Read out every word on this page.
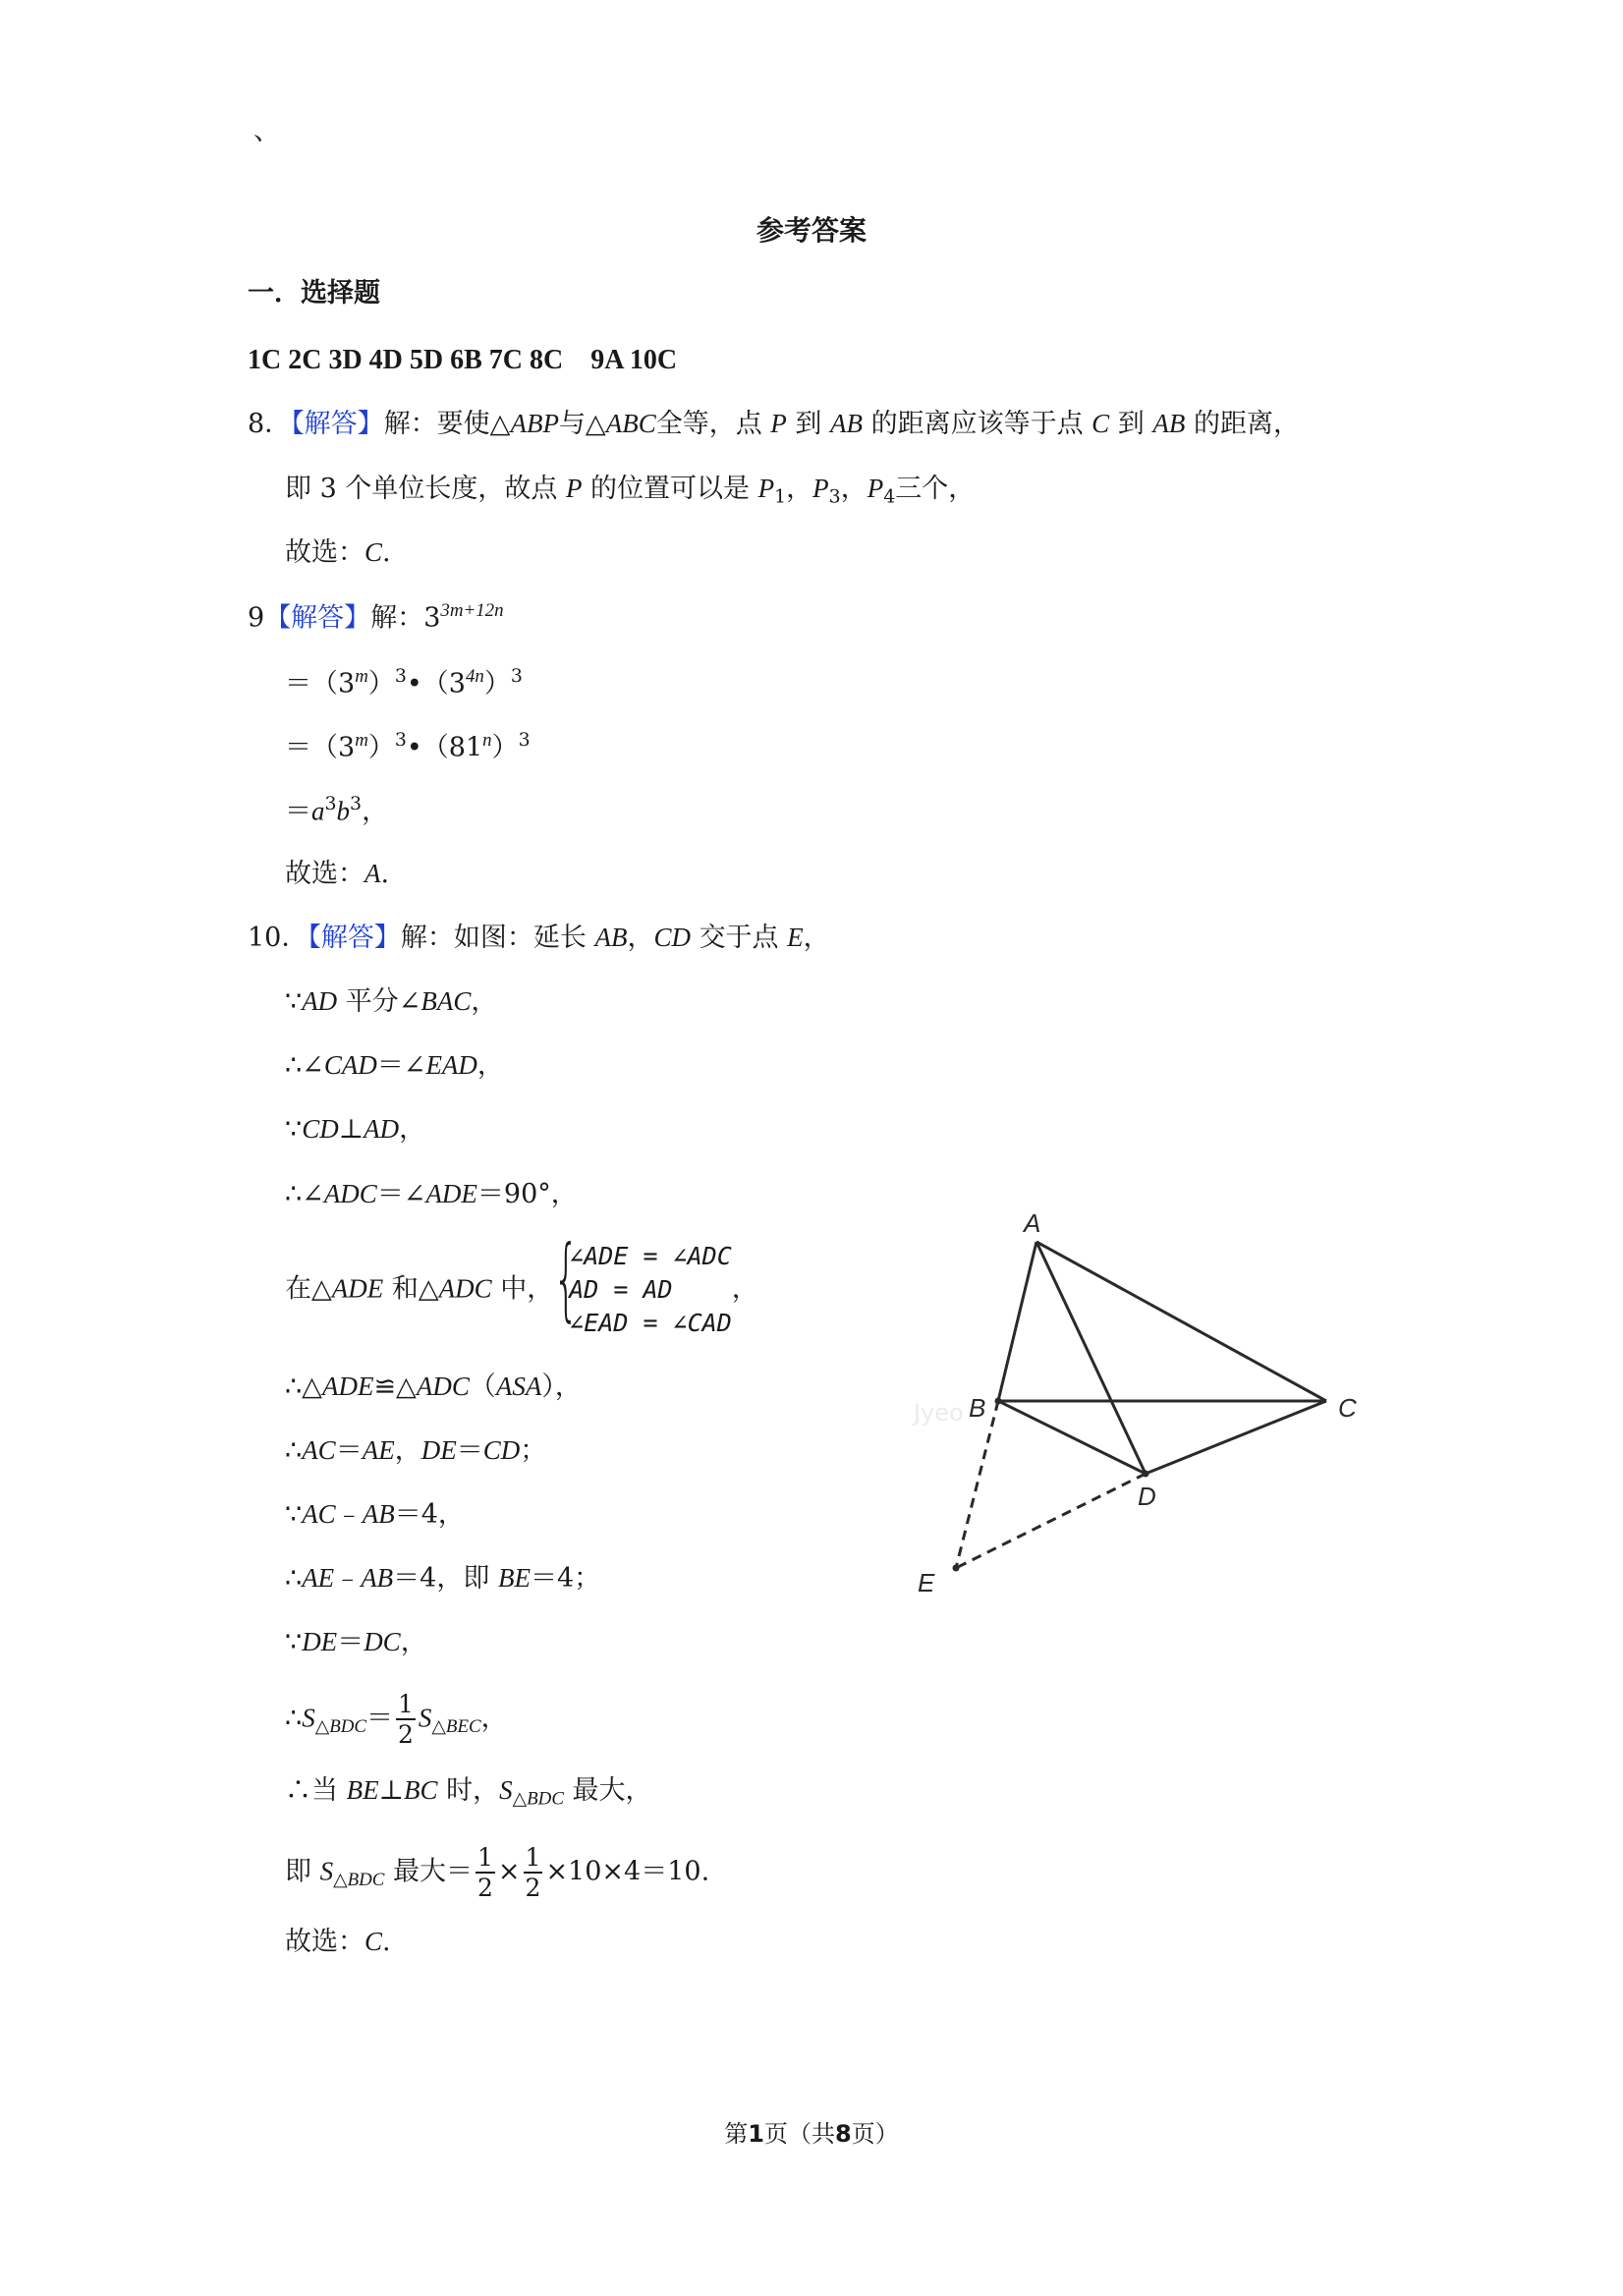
、
参考答案
一．选择题
1C 2C 3D 4D 5D 6B 7C 8C　9A 10C
8．【解答】解：要使△ABP与△ABC全等，点 P 到 AB 的距离应该等于点 C 到 AB 的距离，
即 3 个单位长度，故点 P 的位置可以是 $P_1$，$P_3$，$P_4$三个，
故选：C.
9【解答】解：$3^{3m+12n}$
$=(3^m)^3•(3^{4n})^3$
$=(3^m)^3•(81^n)^3$
$=a^3b^3$，
故选：A.
10．【解答】解：如图：延长 AB，CD 交于点 E，
∵AD 平分∠BAC，
∴∠CAD＝∠EAD，
∵CD⊥AD，
∴∠ADC＝∠ADE＝90°，
在△ADE 和△ADC 中， {
∠ADE = ∠ADC
AD = AD
∠EAD = ∠CAD
，
∴△ADE≌△ADC（ASA），
∴AC＝AE，DE＝CD；
∵AC﹣AB＝4，
∴AE﹣AB＝4，即 BE＝4；
∵DE＝DC，
$\therefore S_{\triangle BDC}= \frac{1}{2} S_{\triangle BEC}$，
∴当 BE⊥BC 时，$S_{\triangle BDC}$ 最大，
即 $S_{\triangle BDC}$ 最大＝ $\frac{1}{2} \times \frac{1}{2} \times 10\times 4=10$.
故选：C.
A
B	C
D
E
Jyeo
第1页（共8页）
